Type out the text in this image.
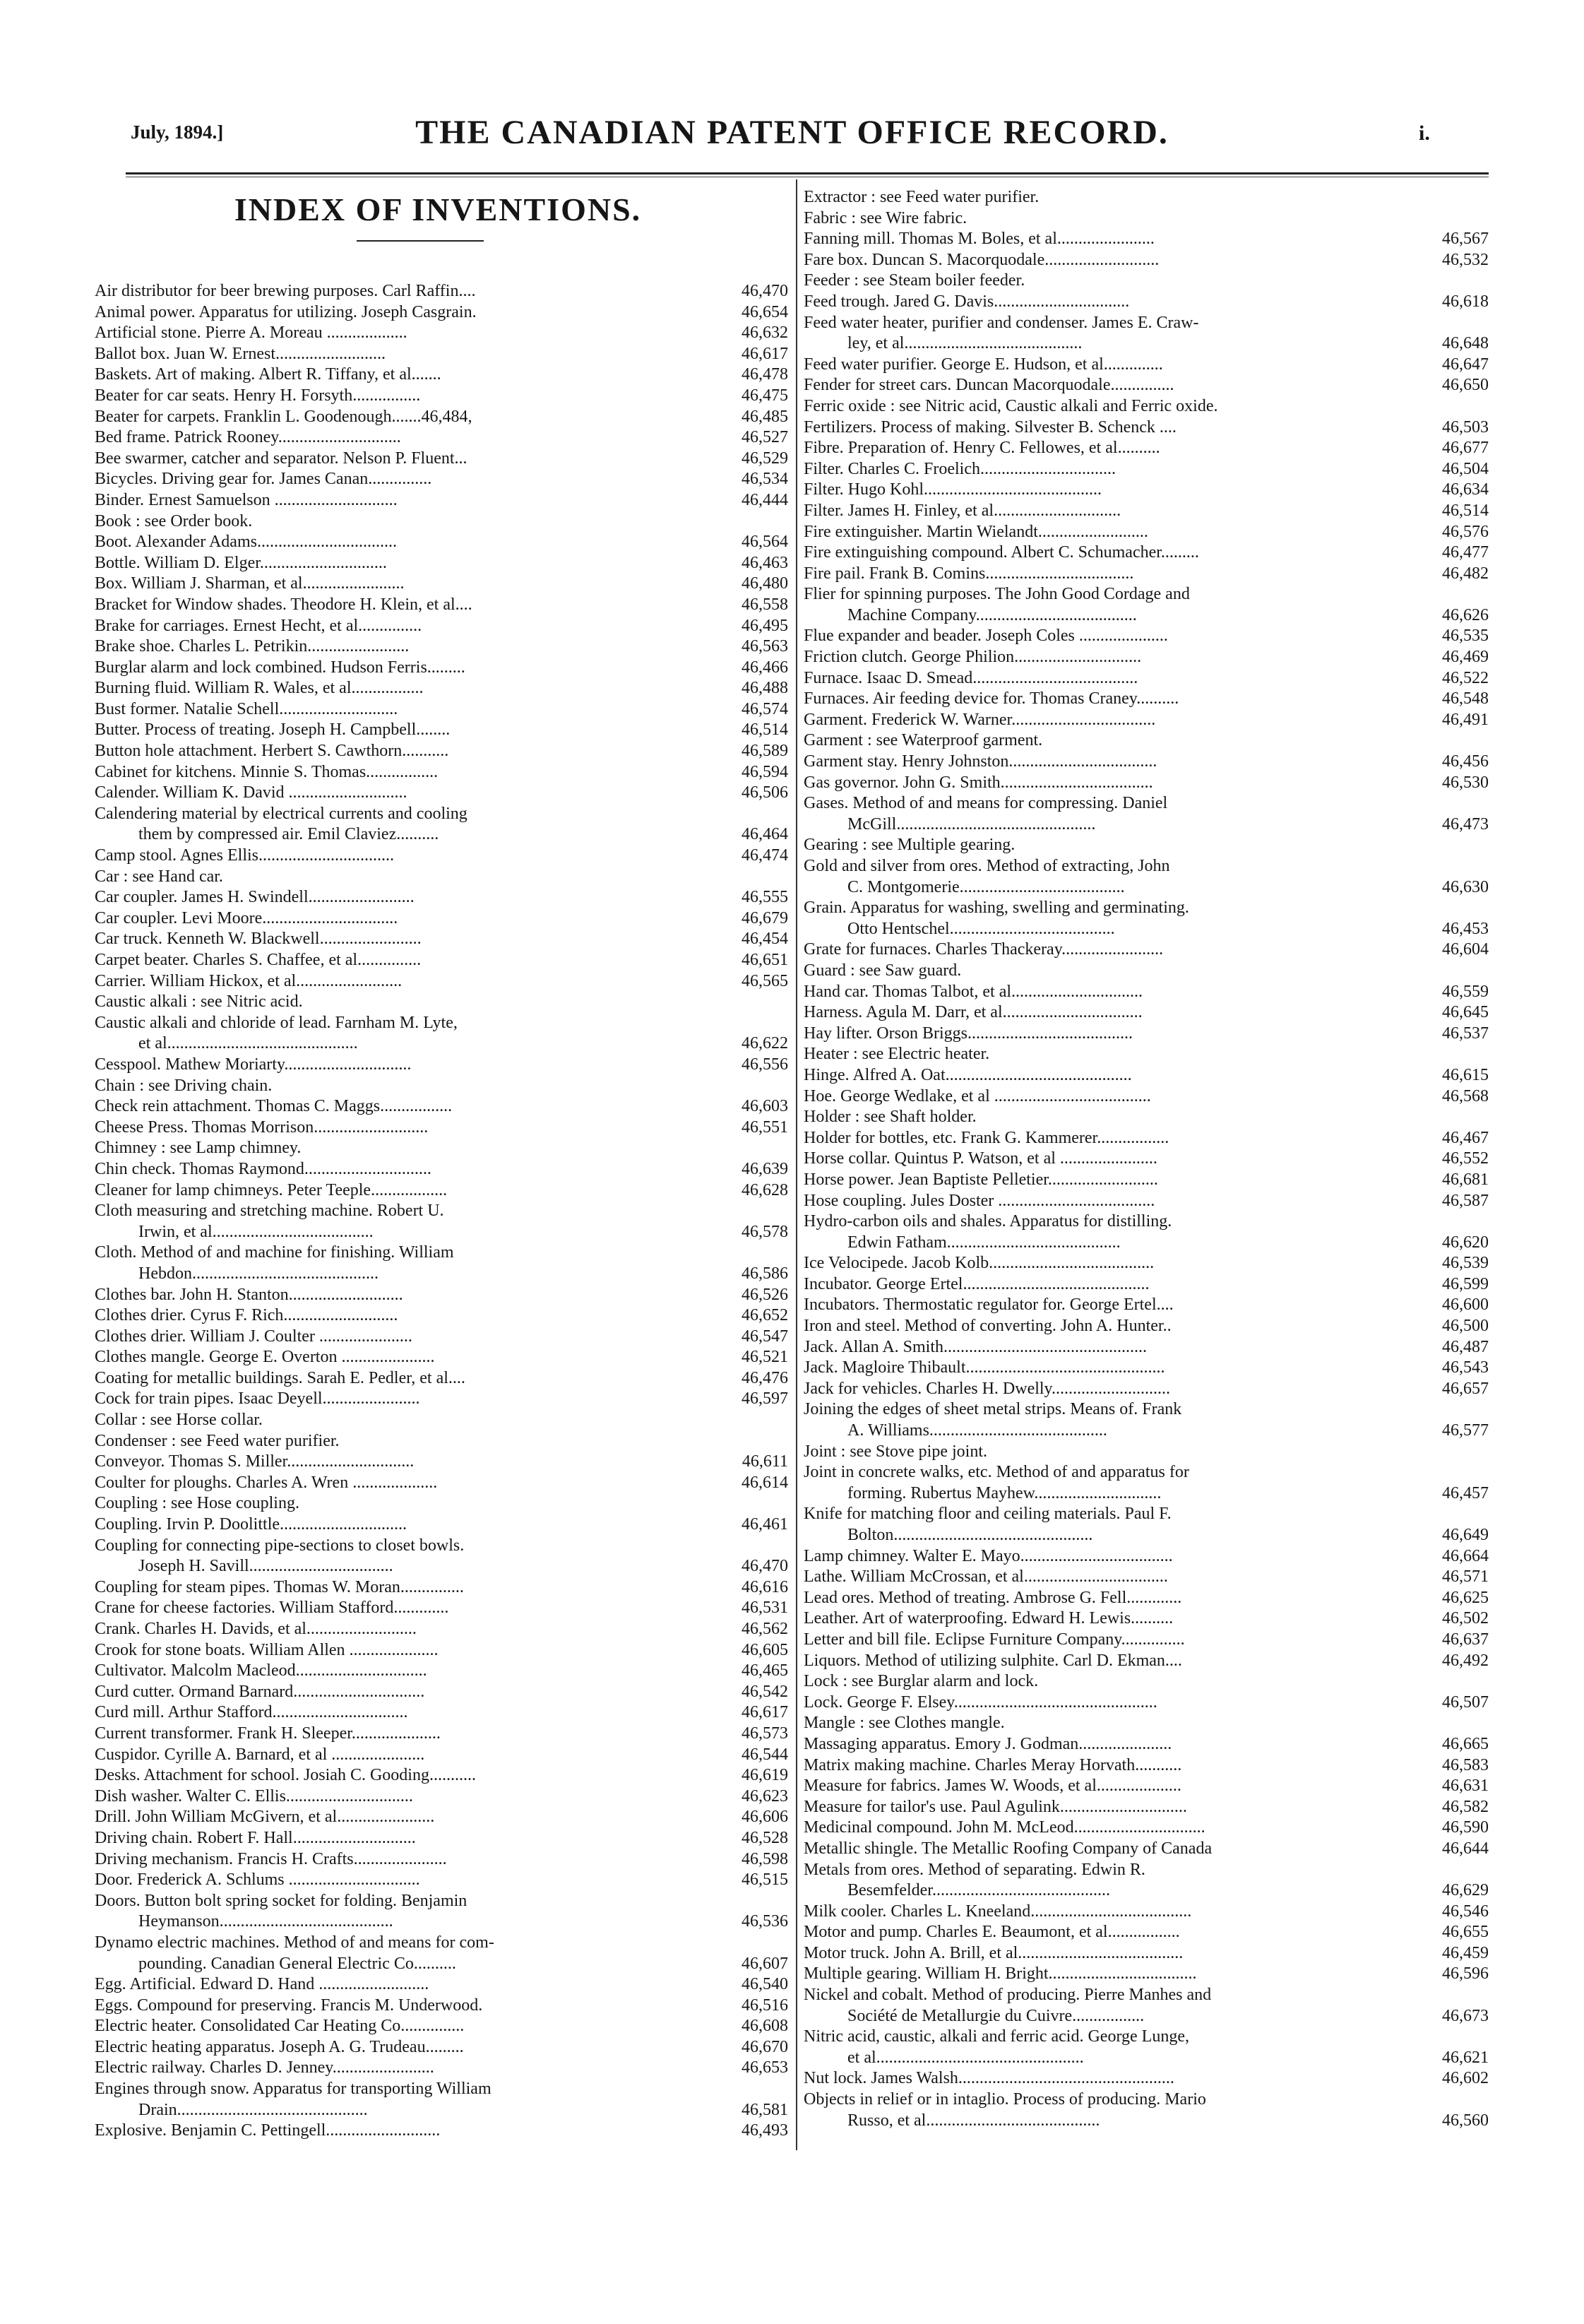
July, 1894.]	THE CANADIAN PATENT OFFICE RECORD.	i.
INDEX OF INVENTIONS.
Air distributor for beer brewing purposes. Carl Raffin....	46,470
Animal power. Apparatus for utilizing. Joseph Casgrain.	46,654
Artificial stone. Pierre A. Moreau ...................	46,632
Ballot box. Juan W. Ernest..........................	46,617
Baskets. Art of making. Albert R. Tiffany, et al.......	46,478
Beater for car seats. Henry H. Forsyth................	46,475
Beater for carpets. Franklin L. Goodenough.......46,484,	46,485
Bed frame. Patrick Rooney.............................	46,527
Bee swarmer, catcher and separator. Nelson P. Fluent...	46,529
Bicycles. Driving gear for. James Canan...............	46,534
Binder. Ernest Samuelson .............................	46,444
Book : see Order book.
Boot. Alexander Adams.................................	46,564
Bottle. William D. Elger..............................	46,463
Box. William J. Sharman, et al........................	46,480
Bracket for Window shades. Theodore H. Klein, et al....	46,558
Brake for carriages. Ernest Hecht, et al...............	46,495
Brake shoe. Charles L. Petrikin........................	46,563
Burglar alarm and lock combined. Hudson Ferris.........	46,466
Burning fluid. William R. Wales, et al.................	46,488
Bust former. Natalie Schell............................	46,574
Butter. Process of treating. Joseph H. Campbell........	46,514
Button hole attachment. Herbert S. Cawthorn...........	46,589
Cabinet for kitchens. Minnie S. Thomas.................	46,594
Calender. William K. David ............................	46,506
Calendering material by electrical currents and cooling
them by compressed air. Emil Claviez..........	46,464
Camp stool. Agnes Ellis................................	46,474
Car : see Hand car.
Car coupler. James H. Swindell.........................	46,555
Car coupler. Levi Moore................................	46,679
Car truck. Kenneth W. Blackwell........................	46,454
Carpet beater. Charles S. Chaffee, et al...............	46,651
Carrier. William Hickox, et al.........................	46,565
Caustic alkali : see Nitric acid.
Caustic alkali and chloride of lead. Farnham M. Lyte,
et al.............................................	46,622
Cesspool. Mathew Moriarty..............................	46,556
Chain : see Driving chain.
Check rein attachment. Thomas C. Maggs.................	46,603
Cheese Press. Thomas Morrison...........................	46,551
Chimney : see Lamp chimney.
Chin check. Thomas Raymond..............................	46,639
Cleaner for lamp chimneys. Peter Teeple..................	46,628
Cloth measuring and stretching machine. Robert U.
Irwin, et al......................................	46,578
Cloth. Method of and machine for finishing. William
Hebdon............................................	46,586
Clothes bar. John H. Stanton...........................	46,526
Clothes drier. Cyrus F. Rich...........................	46,652
Clothes drier. William J. Coulter ......................	46,547
Clothes mangle. George E. Overton ......................	46,521
Coating for metallic buildings. Sarah E. Pedler, et al....	46,476
Cock for train pipes. Isaac Deyell.......................	46,597
Collar : see Horse collar.
Condenser : see Feed water purifier.
Conveyor. Thomas S. Miller..............................	46,611
Coulter for ploughs. Charles A. Wren ....................	46,614
Coupling : see Hose coupling.
Coupling. Irvin P. Doolittle..............................	46,461
Coupling for connecting pipe-sections to closet bowls.
Joseph H. Savill..................................	46,470
Coupling for steam pipes. Thomas W. Moran...............	46,616
Crane for cheese factories. William Stafford.............	46,531
Crank. Charles H. Davids, et al..........................	46,562
Crook for stone boats. William Allen .....................	46,605
Cultivator. Malcolm Macleod...............................	46,465
Curd cutter. Ormand Barnard...............................	46,542
Curd mill. Arthur Stafford................................	46,617
Current transformer. Frank H. Sleeper.....................	46,573
Cuspidor. Cyrille A. Barnard, et al ......................	46,544
Desks. Attachment for school. Josiah C. Gooding...........	46,619
Dish washer. Walter C. Ellis..............................	46,623
Drill. John William McGivern, et al.......................	46,606
Driving chain. Robert F. Hall.............................	46,528
Driving mechanism. Francis H. Crafts......................	46,598
Door. Frederick A. Schlums ...............................	46,515
Doors. Button bolt spring socket for folding. Benjamin
Heymanson.........................................	46,536
Dynamo electric machines. Method of and means for com-
pounding. Canadian General Electric Co..........	46,607
Egg. Artificial. Edward D. Hand ..........................	46,540
Eggs. Compound for preserving. Francis M. Underwood.	46,516
Electric heater. Consolidated Car Heating Co...............	46,608
Electric heating apparatus. Joseph A. G. Trudeau.........	46,670
Electric railway. Charles D. Jenney........................	46,653
Engines through snow. Apparatus for transporting William
Drain.............................................	46,581
Explosive. Benjamin C. Pettingell...........................	46,493
Extractor : see Feed water purifier.
Fabric : see Wire fabric.
Fanning mill. Thomas M. Boles, et al.......................	46,567
Fare box. Duncan S. Macorquodale...........................	46,532
Feeder : see Steam boiler feeder.
Feed trough. Jared G. Davis................................	46,618
Feed water heater, purifier and condenser. James E. Craw-
ley, et al..........................................	46,648
Feed water purifier. George E. Hudson, et al..............	46,647
Fender for street cars. Duncan Macorquodale...............	46,650
Ferric oxide : see Nitric acid, Caustic alkali and Ferric oxide.
Fertilizers. Process of making. Silvester B. Schenck ....	46,503
Fibre. Preparation of. Henry C. Fellowes, et al..........	46,677
Filter. Charles C. Froelich................................	46,504
Filter. Hugo Kohl..........................................	46,634
Filter. James H. Finley, et al..............................	46,514
Fire extinguisher. Martin Wielandt..........................	46,576
Fire extinguishing compound. Albert C. Schumacher.........	46,477
Fire pail. Frank B. Comins...................................	46,482
Flier for spinning purposes. The John Good Cordage and
Machine Company......................................	46,626
Flue expander and beader. Joseph Coles .....................	46,535
Friction clutch. George Philion..............................	46,469
Furnace. Isaac D. Smead.......................................	46,522
Furnaces. Air feeding device for. Thomas Craney..........	46,548
Garment. Frederick W. Warner..................................	46,491
Garment : see Waterproof garment.
Garment stay. Henry Johnston...................................	46,456
Gas governor. John G. Smith....................................	46,530
Gases. Method of and means for compressing. Daniel
McGill...............................................	46,473
Gearing : see Multiple gearing.
Gold and silver from ores. Method of extracting, John
C. Montgomerie.......................................	46,630
Grain. Apparatus for washing, swelling and germinating.
Otto Hentschel.......................................	46,453
Grate for furnaces. Charles Thackeray........................	46,604
Guard : see Saw guard.
Hand car. Thomas Talbot, et al...............................	46,559
Harness. Agula M. Darr, et al.................................	46,645
Hay lifter. Orson Briggs.......................................	46,537
Heater : see Electric heater.
Hinge. Alfred A. Oat............................................	46,615
Hoe. George Wedlake, et al .....................................	46,568
Holder : see Shaft holder.
Holder for bottles, etc. Frank G. Kammerer.................	46,467
Horse collar. Quintus P. Watson, et al .......................	46,552
Horse power. Jean Baptiste Pelletier..........................	46,681
Hose coupling. Jules Doster .....................................	46,587
Hydro-carbon oils and shales. Apparatus for distilling.
Edwin Fatham.........................................	46,620
Ice Velocipede. Jacob Kolb.......................................	46,539
Incubator. George Ertel............................................	46,599
Incubators. Thermostatic regulator for. George Ertel....	46,600
Iron and steel. Method of converting. John A. Hunter..	46,500
Jack. Allan A. Smith................................................	46,487
Jack. Magloire Thibault...............................................	46,543
Jack for vehicles. Charles H. Dwelly............................	46,657
Joining the edges of sheet metal strips. Means of. Frank
A. Williams..........................................	46,577
Joint : see Stove pipe joint.
Joint in concrete walks, etc. Method of and apparatus for
forming. Rubertus Mayhew..............................	46,457
Knife for matching floor and ceiling materials. Paul F.
Bolton...............................................	46,649
Lamp chimney. Walter E. Mayo....................................	46,664
Lathe. William McCrossan, et al..................................	46,571
Lead ores. Method of treating. Ambrose G. Fell.............	46,625
Leather. Art of waterproofing. Edward H. Lewis..........	46,502
Letter and bill file. Eclipse Furniture Company...............	46,637
Liquors. Method of utilizing sulphite. Carl D. Ekman....	46,492
Lock : see Burglar alarm and lock.
Lock. George F. Elsey................................................	46,507
Mangle : see Clothes mangle.
Massaging apparatus. Emory J. Godman......................	46,665
Matrix making machine. Charles Meray Horvath...........	46,583
Measure for fabrics. James W. Woods, et al....................	46,631
Measure for tailor's use. Paul Agulink..............................	46,582
Medicinal compound. John M. McLeod...............................	46,590
Metallic shingle. The Metallic Roofing Company of Canada	46,644
Metals from ores. Method of separating. Edwin R.
Besemfelder..........................................	46,629
Milk cooler. Charles L. Kneeland......................................	46,546
Motor and pump. Charles E. Beaumont, et al.................	46,655
Motor truck. John A. Brill, et al.......................................	46,459
Multiple gearing. William H. Bright...................................	46,596
Nickel and cobalt. Method of producing. Pierre Manhes and
Société de Metallurgie du Cuivre.................	46,673
Nitric acid, caustic, alkali and ferric acid. George Lunge,
et al.................................................	46,621
Nut lock. James Walsh...................................................	46,602
Objects in relief or in intaglio. Process of producing. Mario
Russo, et al.........................................	46,560
